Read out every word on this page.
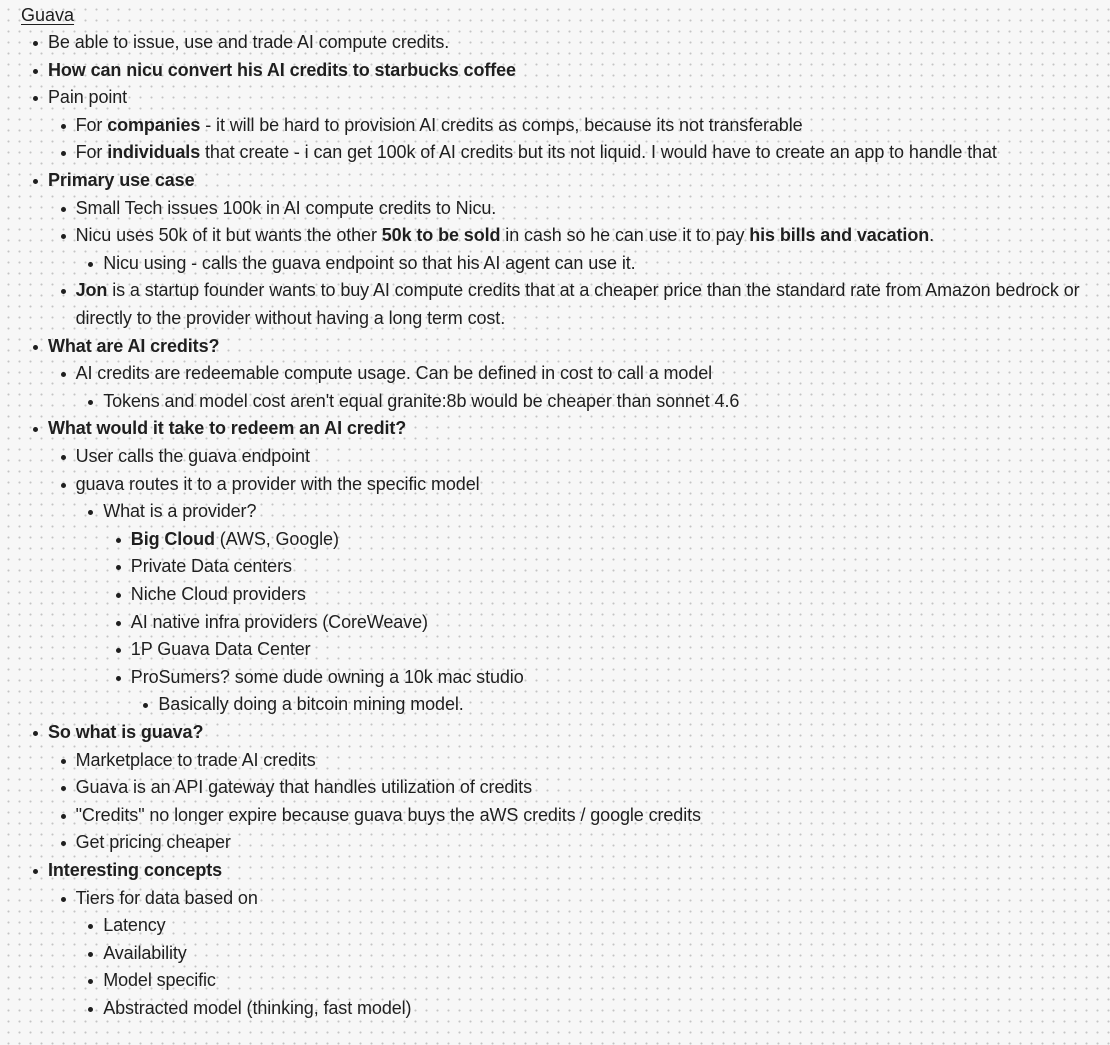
Guava
Be able to issue, use and trade AI compute credits.
How can nicu convert his AI credits to starbucks coffee
Pain point
For companies - it will be hard to provision AI credits as comps, because its not transferable
For individuals that create - i can get 100k of AI credits but its not liquid. I would have to create an app to handle that
Primary use case
Small Tech issues 100k in AI compute credits to Nicu.
Nicu uses 50k of it but wants the other 50k to be sold in cash so he can use it to pay his bills and vacation.
Nicu using - calls the guava endpoint so that his AI agent can use it.
Jon is a startup founder wants to buy AI compute credits that at a cheaper price than the standard rate from Amazon bedrock or directly to the provider without having a long term cost.
What are AI credits?
AI credits are redeemable compute usage. Can be defined in cost to call a model
Tokens and model cost aren't equal granite:8b would be cheaper than sonnet 4.6
What would it take to redeem an AI credit?
User calls the guava endpoint
guava routes it to a provider with the specific model
What is a provider?
Big Cloud (AWS, Google)
Private Data centers
Niche Cloud providers
AI native infra providers (CoreWeave)
1P Guava Data Center
ProSumers? some dude owning a 10k mac studio
Basically doing a bitcoin mining model.
So what is guava?
Marketplace to trade AI credits
Guava is an API gateway that handles utilization of credits
"Credits" no longer expire because guava buys the aWS credits / google credits
Get pricing cheaper
Interesting concepts
Tiers for data based on
Latency
Availability
Model specific
Abstracted model (thinking, fast model)
